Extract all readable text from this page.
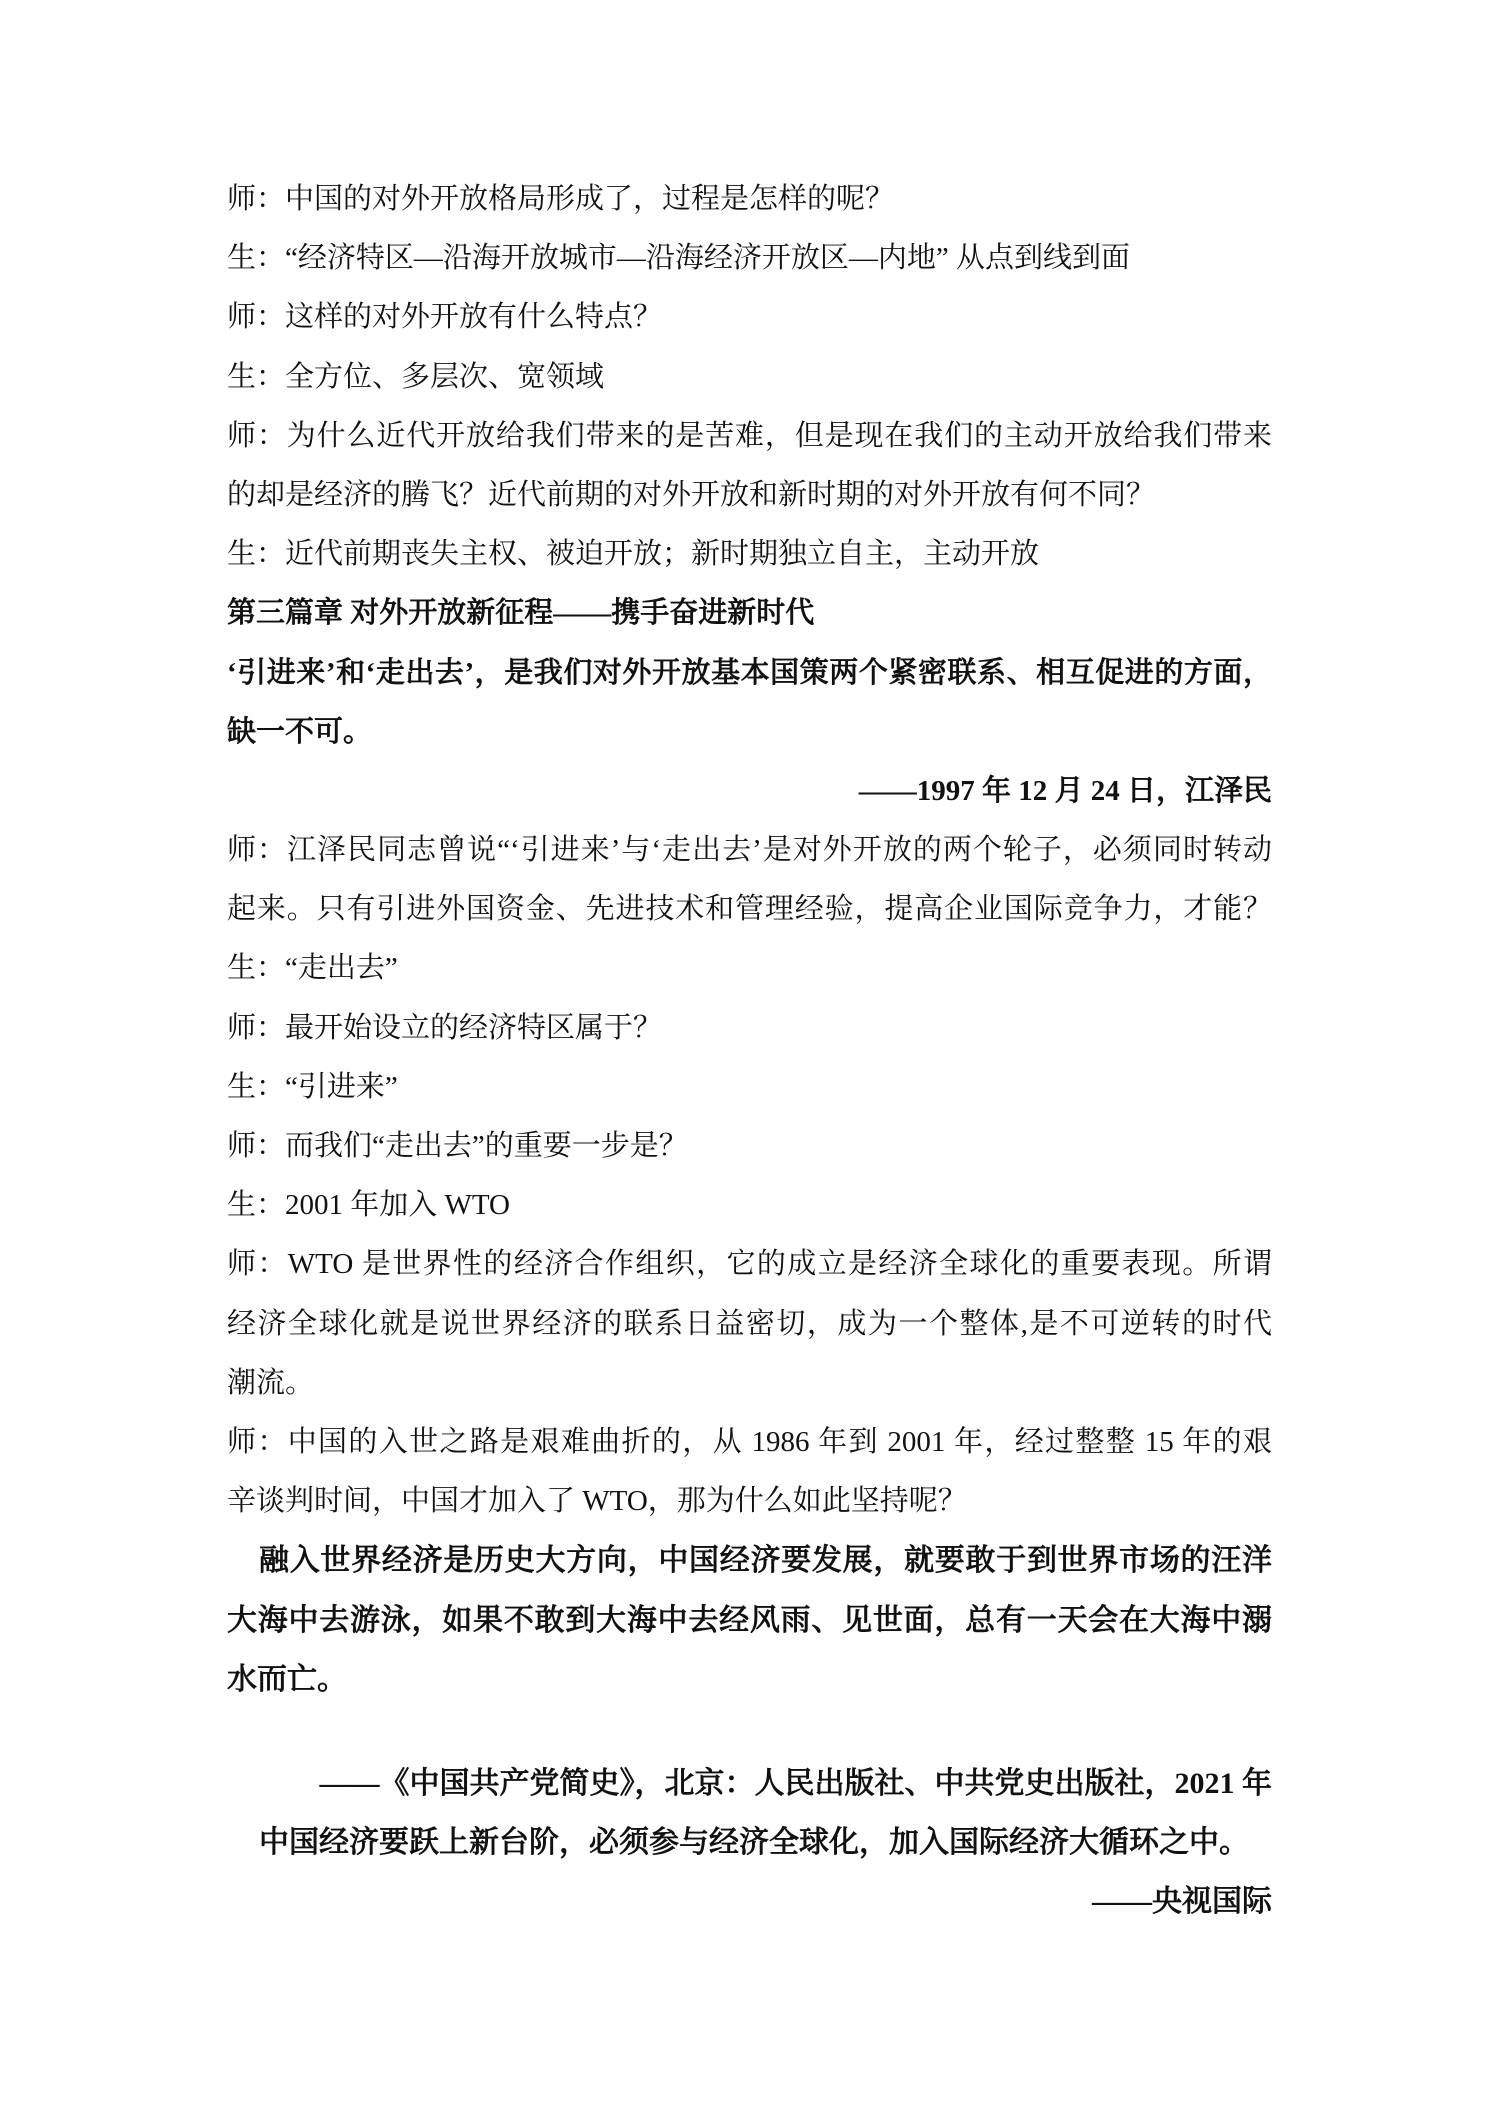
师：中国的对外开放格局形成了，过程是怎样的呢？
生：“经济特区—沿海开放城市—沿海经济开放区—内地” 从点到线到面
师：这样的对外开放有什么特点？
生：全方位、多层次、宽领域
师：为什么近代开放给我们带来的是苦难，但是现在我们的主动开放给我们带来
的却是经济的腾飞？近代前期的对外开放和新时期的对外开放有何不同？
生：近代前期丧失主权、被迫开放；新时期独立自主，主动开放
第三篇章 对外开放新征程——携手奋进新时代
‘引进来’和‘走出去’，是我们对外开放基本国策两个紧密联系、相互促进的方面，
缺一不可。
——1997 年 12 月 24 日，江泽民
师：江泽民同志曾说“‘引进来’与‘走出去’是对外开放的两个轮子，必须同时转动
起来。只有引进外国资金、先进技术和管理经验，提高企业国际竞争力，才能？
生：“走出去”
师：最开始设立的经济特区属于？
生：“引进来”
师：而我们“走出去”的重要一步是？
生：2001 年加入 WTO
师：WTO 是世界性的经济合作组织，它的成立是经济全球化的重要表现。所谓
经济全球化就是说世界经济的联系日益密切，成为一个整体,是不可逆转的时代
潮流。
师：中国的入世之路是艰难曲折的，从 1986 年到 2001 年，经过整整 15 年的艰
辛谈判时间，中国才加入了 WTO，那为什么如此坚持呢？
融入世界经济是历史大方向，中国经济要发展，就要敢于到世界市场的汪洋
大海中去游泳，如果不敢到大海中去经风雨、见世面，总有一天会在大海中溺
水而亡。
——《中国共产党简史》，北京：人民出版社、中共党史出版社，2021 年
中国经济要跃上新台阶，必须参与经济全球化，加入国际经济大循环之中。
——央视国际
